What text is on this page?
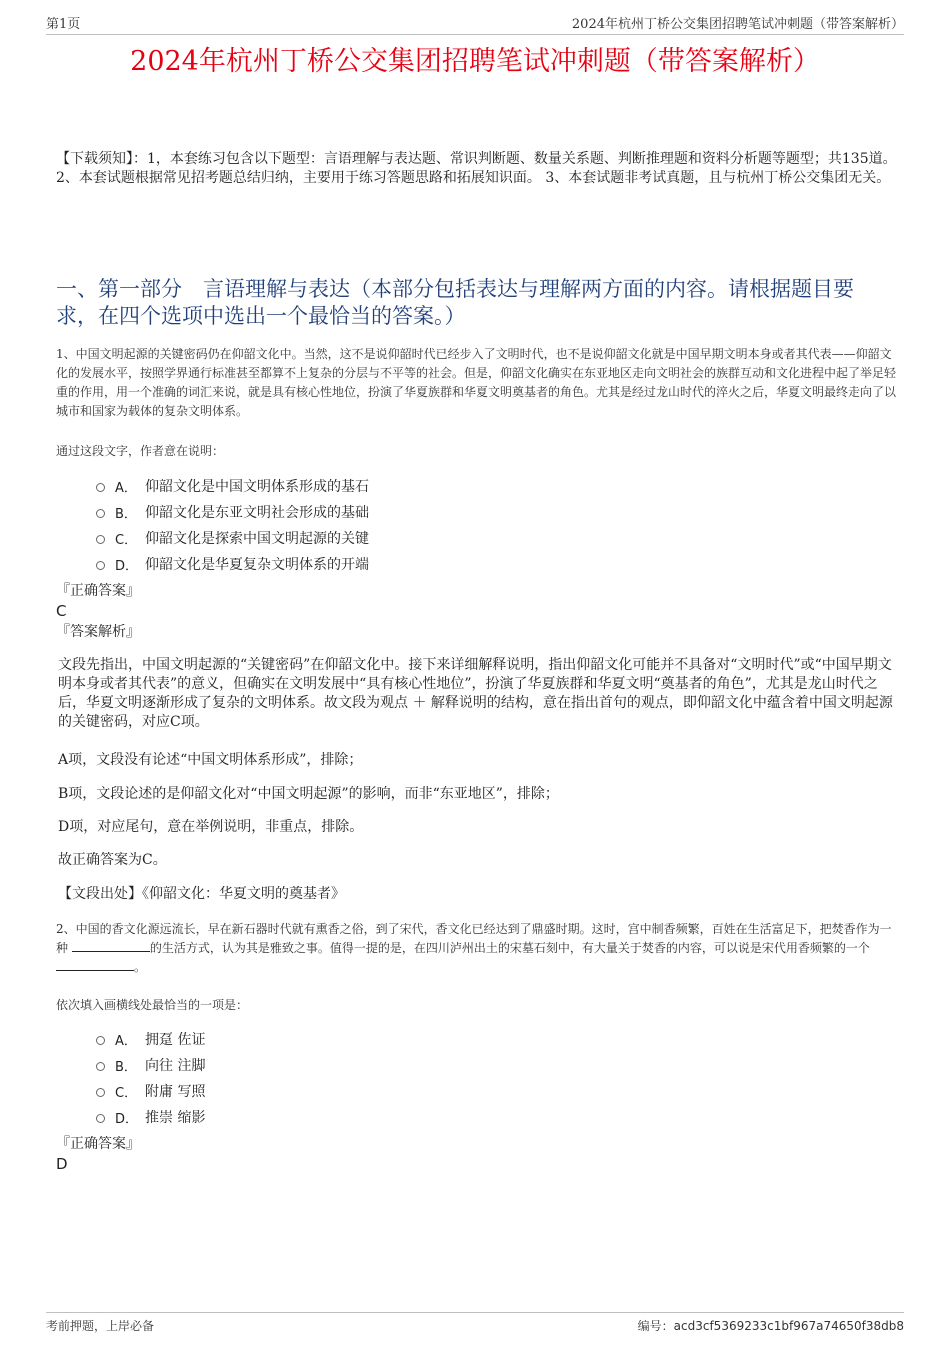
第1页	2024年杭州丁桥公交集团招聘笔试冲刺题（带答案解析）
2024年杭州丁桥公交集团招聘笔试冲刺题（带答案解析）
【下载须知】：1，本套练习包含以下题型：言语理解与表达题、常识判断题、数量关系题、判断推理题和资料分析题等题型；共135道。 2、本套试题根据常见招考题总结归纳，主要用于练习答题思路和拓展知识面。 3、本套试题非考试真题，且与杭州丁桥公交集团无关。
一、第一部分　言语理解与表达（本部分包括表达与理解两方面的内容。请根据题目要求，在四个选项中选出一个最恰当的答案。）

1、中国文明起源的关键密码仍在仰韶文化中。当然，这不是说仰韶时代已经步入了文明时代，也不是说仰韶文化就是中国早期文明本身或者其代表——仰韶文化的发展水平，按照学界通行标准甚至都算不上复杂的分层与不平等的社会。但是，仰韶文化确实在东亚地区走向文明社会的族群互动和文化进程中起了举足轻重的作用，用一个准确的词汇来说，就是具有核心性地位，扮演了华夏族群和华夏文明奠基者的角色。尤其是经过龙山时代的淬火之后，华夏文明最终走向了以城市和国家为载体的复杂文明体系。

通过这段文字，作者意在说明：

A． 仰韶文化是中国文明体系形成的基石
B． 仰韶文化是东亚文明社会形成的基础
C． 仰韶文化是探索中国文明起源的关键
D． 仰韶文化是华夏复杂文明体系的开端
『正确答案』
C
『答案解析』

文段先指出，中国文明起源的“关键密码”在仰韶文化中。接下来详细解释说明，指出仰韶文化可能并不具备对“文明时代”或“中国早期文明本身或者其代表”的意义，但确实在文明发展中“具有核心性地位”，扮演了华夏族群和华夏文明“奠基者的角色”，尤其是龙山时代之后，华夏文明逐渐形成了复杂的文明体系。故文段为观点 ＋ 解释说明的结构，意在指出首句的观点，即仰韶文化中蕴含着中国文明起源的关键密码，对应C项。

A项，文段没有论述“中国文明体系形成”，排除；

B项，文段论述的是仰韶文化对“中国文明起源”的影响，而非“东亚地区”，排除；

D项，对应尾句，意在举例说明，非重点，排除。

故正确答案为C。

【文段出处】《仰韶文化：华夏文明的奠基者》

2、中国的香文化源远流长，早在新石器时代就有熏香之俗，到了宋代，香文化已经达到了鼎盛时期。这时，宫中制香频繁，百姓在生活富足下，把焚香作为一种	的生活方式，认为其是雅致之事。值得一提的是，在四川泸州出土的宋墓石刻中，有大量关于焚香的内容，可以说是宋代用香频繁的一个 。

依次填入画横线处最恰当的一项是：

A． 拥趸 佐证
B． 向往 注脚
C． 附庸 写照
D． 推崇 缩影
『正确答案』
D
考前押题，上岸必备	编号：acd3cf5369233c1bf967a74650f38db8
